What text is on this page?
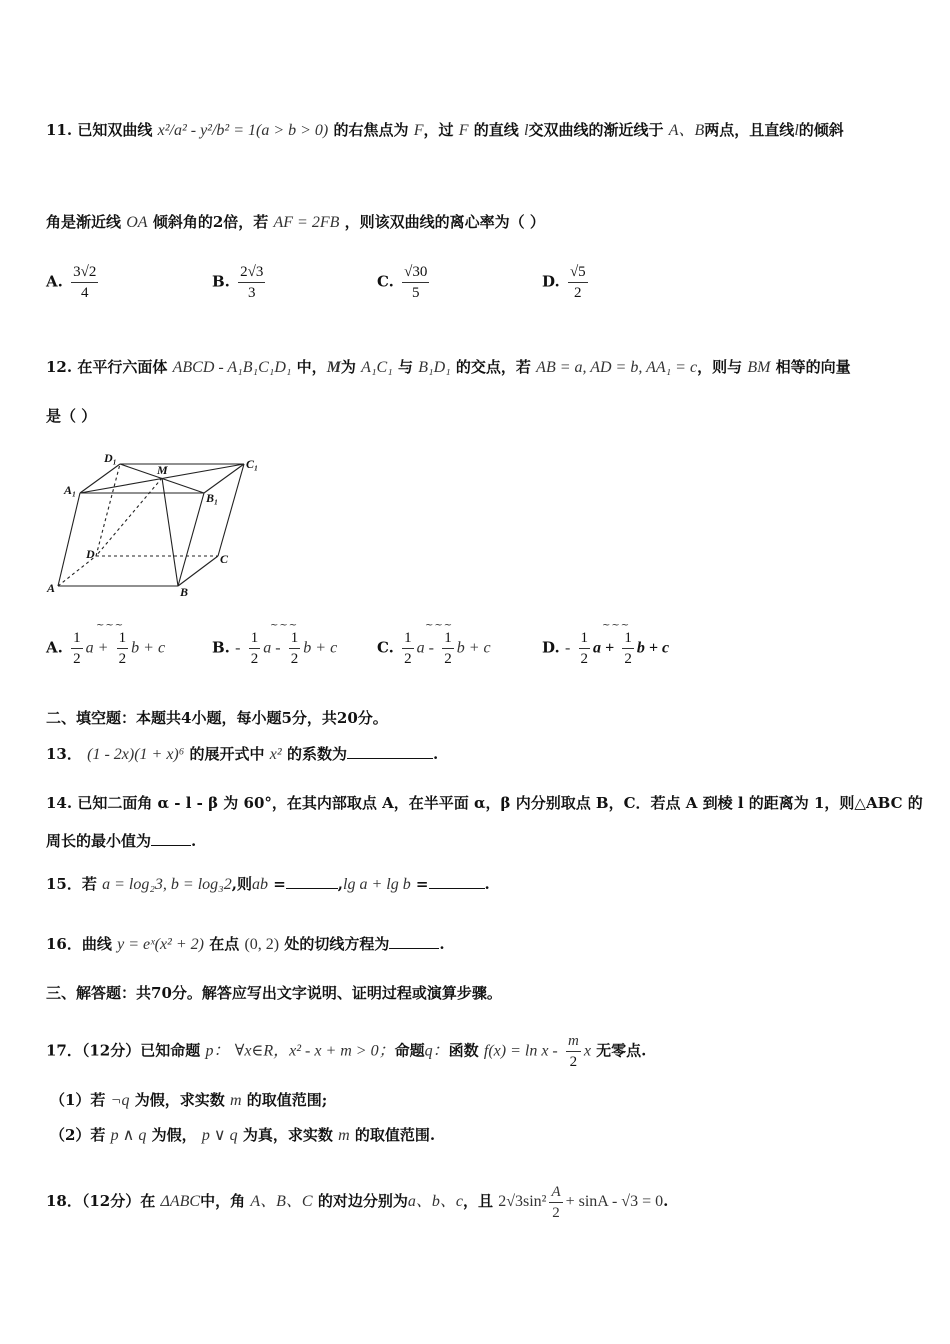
11. 已知双曲线 x²/a² - y²/b² = 1(a > b > 0) 的右焦点为 F，过 F 的直线 l交双曲线的渐近线于 A、B两点，且直线l的倾斜
角是渐近线 OA 倾斜角的2倍，若 AF = 2FB ，则该双曲线的离心率为（ ）
A. $\frac{3√2}{4}$	B. $\frac{2√3}{3}$	C. $\frac{√30}{5}$	D. $\frac{√5}{2}$
12. 在平行六面体 ABCD - A₁B₁C₁D₁ 中，M为 A₁C₁ 与 B₁D₁ 的交点，若 AB = a, AD = b, AA₁ = c，则与 BM 相等的向量
是（ ）
D₁
M	C₁
A₁
B₁
D	C
A	B
~~~
A. $\frac{1}{2}$ $a + \frac{1}{2}$ b + c
~~~
B. - $\frac{1}{2}$ a - $\frac{1}{2}$ b + c
~~~
C. $\frac{1}{2}$ a - $\frac{1}{2}$ b + c
~~~
D. - $\frac{1}{2}$ $a + \frac{1}{2}$ b + c
二、填空题：本题共4小题，每小题5分，共20分。
13． (1 - 2x)(1 + x)⁶ 的展开式中 x² 的系数为	.
14. 已知二面角 α - l - β 为 60°，在其内部取点 A，在半平面 α，β 内分别取点 B，C．若点 A 到棱 l 的距离为 1，则△ABC 的
周长的最小值为	.
15．若 a = log₂3, b = log₃2,则ab =	,lg a + lg b =	.
16．曲线 y = eˣ(x² + 2) 在点 (0, 2) 处的切线方程为	.
三、解答题：共70分。解答应写出文字说明、证明过程或演算步骤。
17．（12分）已知命题 p： ∀x∈R，x² - x + m > 0；命题q：函数 $f(x) = \ln x - \frac{m}{2}$ x 无零点.
（1）若 ¬q 为假，求实数 m 的取值范围;
（2）若 p ∧ q 为假， p ∨ q 为真，求实数 m 的取值范围.
18．（12分）在 ΔABC中，角 A、B、C 的对边分别为a、b、c，且 $2√3\sin^2 \frac{A}{2} + \sin A - √3 = 0$.
